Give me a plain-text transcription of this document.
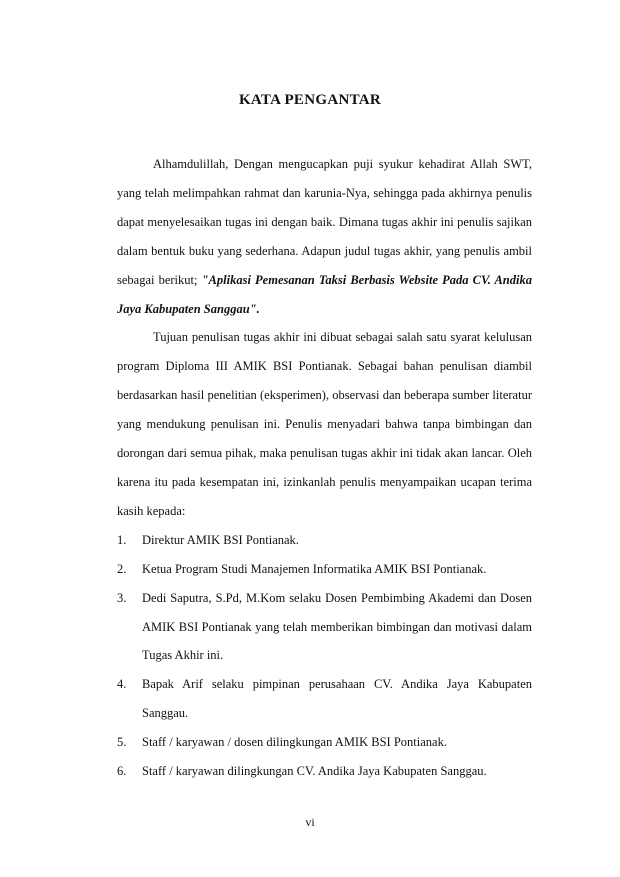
KATA PENGANTAR

Alhamdulillah, Dengan mengucapkan puji syukur kehadirat Allah SWT, yang telah melimpahkan rahmat dan karunia-Nya, sehingga pada akhirnya penulis dapat menyelesaikan tugas ini dengan baik. Dimana tugas akhir ini penulis sajikan dalam bentuk buku yang sederhana. Adapun judul tugas akhir, yang penulis ambil sebagai berikut; "Aplikasi Pemesanan Taksi Berbasis Website Pada CV. Andika Jaya Kabupaten Sanggau".

Tujuan penulisan tugas akhir ini dibuat sebagai salah satu syarat kelulusan program Diploma III AMIK BSI Pontianak. Sebagai bahan penulisan diambil berdasarkan hasil penelitian (eksperimen), observasi dan beberapa sumber literatur yang mendukung penulisan ini. Penulis menyadari bahwa tanpa bimbingan dan dorongan dari semua pihak, maka penulisan tugas akhir ini tidak akan lancar. Oleh karena itu pada kesempatan ini, izinkanlah penulis menyampaikan ucapan terima kasih kepada:

1. Direktur AMIK BSI Pontianak.
2. Ketua Program Studi Manajemen Informatika AMIK BSI Pontianak.
3. Dedi Saputra, S.Pd, M.Kom selaku Dosen Pembimbing Akademi dan Dosen AMIK BSI Pontianak yang telah memberikan bimbingan dan motivasi dalam Tugas Akhir ini.
4. Bapak Arif selaku pimpinan perusahaan CV. Andika Jaya Kabupaten Sanggau.
5. Staff / karyawan / dosen dilingkungan AMIK BSI Pontianak.
6. Staff / karyawan dilingkungan CV. Andika Jaya Kabupaten Sanggau.
vi
